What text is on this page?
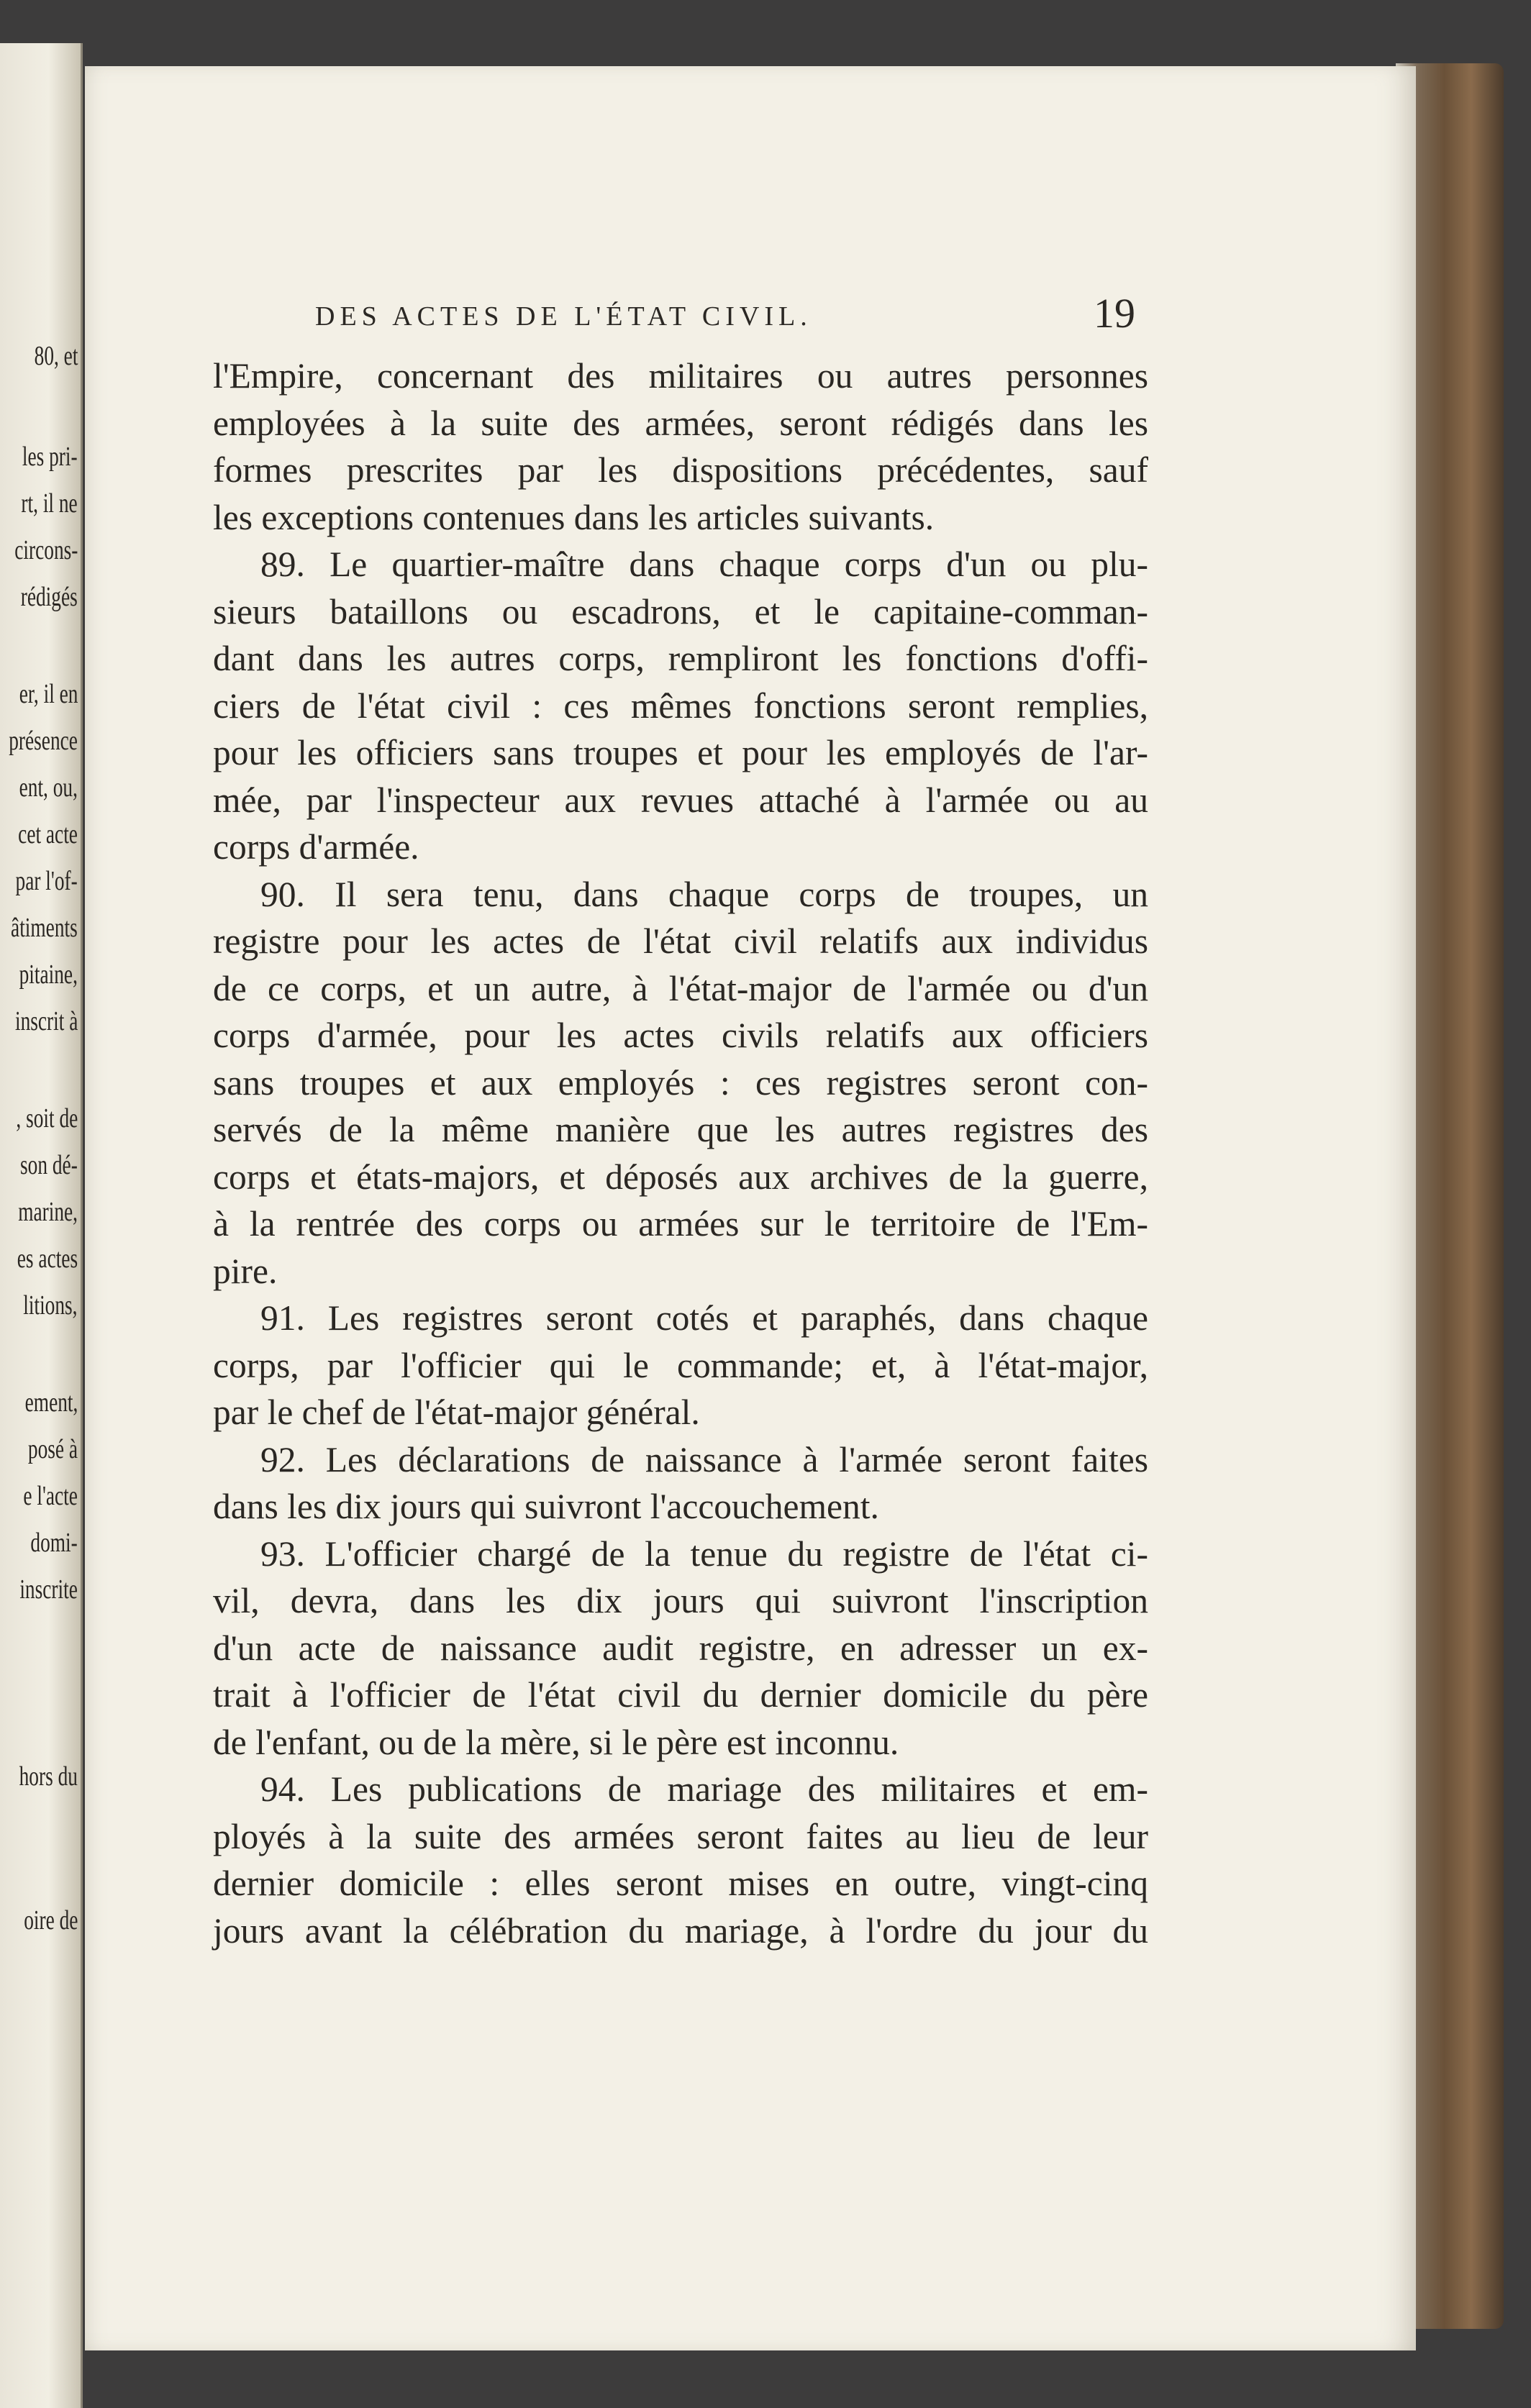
80, et
les pri-
rt, il ne
circons-
rédigés
er, il en
présence
ent, ou,
cet acte
par l'of-
âtiments
pitaine,
inscrit à
, soit de
son dé-
marine,
es actes
litions,
ement,
posé à
e l'acte
domi-
inscrite
hors du
oire de
DES ACTES DE L'ÉTAT CIVIL.	19
l'Empire, concernant des militaires ou autres personnes
employées à la suite des armées, seront rédigés dans les
formes prescrites par les dispositions précédentes, sauf
les exceptions contenues dans les articles suivants.
89. Le quartier-maître dans chaque corps d'un ou plu-
sieurs bataillons ou escadrons, et le capitaine-comman-
dant dans les autres corps, rempliront les fonctions d'offi-
ciers de l'état civil : ces mêmes fonctions seront remplies,
pour les officiers sans troupes et pour les employés de l'ar-
mée, par l'inspecteur aux revues attaché à l'armée ou au
corps d'armée.
90. Il sera tenu, dans chaque corps de troupes, un
registre pour les actes de l'état civil relatifs aux individus
de ce corps, et un autre, à l'état-major de l'armée ou d'un
corps d'armée, pour les actes civils relatifs aux officiers
sans troupes et aux employés : ces registres seront con-
servés de la même manière que les autres registres des
corps et états-majors, et déposés aux archives de la guerre,
à la rentrée des corps ou armées sur le territoire de l'Em-
pire.
91. Les registres seront cotés et paraphés, dans chaque
corps, par l'officier qui le commande; et, à l'état-major,
par le chef de l'état-major général.
92. Les déclarations de naissance à l'armée seront faites
dans les dix jours qui suivront l'accouchement.
93. L'officier chargé de la tenue du registre de l'état ci-
vil, devra, dans les dix jours qui suivront l'inscription
d'un acte de naissance audit registre, en adresser un ex-
trait à l'officier de l'état civil du dernier domicile du père
de l'enfant, ou de la mère, si le père est inconnu.
94. Les publications de mariage des militaires et em-
ployés à la suite des armées seront faites au lieu de leur
dernier domicile : elles seront mises en outre, vingt-cinq
jours avant la célébration du mariage, à l'ordre du jour du
